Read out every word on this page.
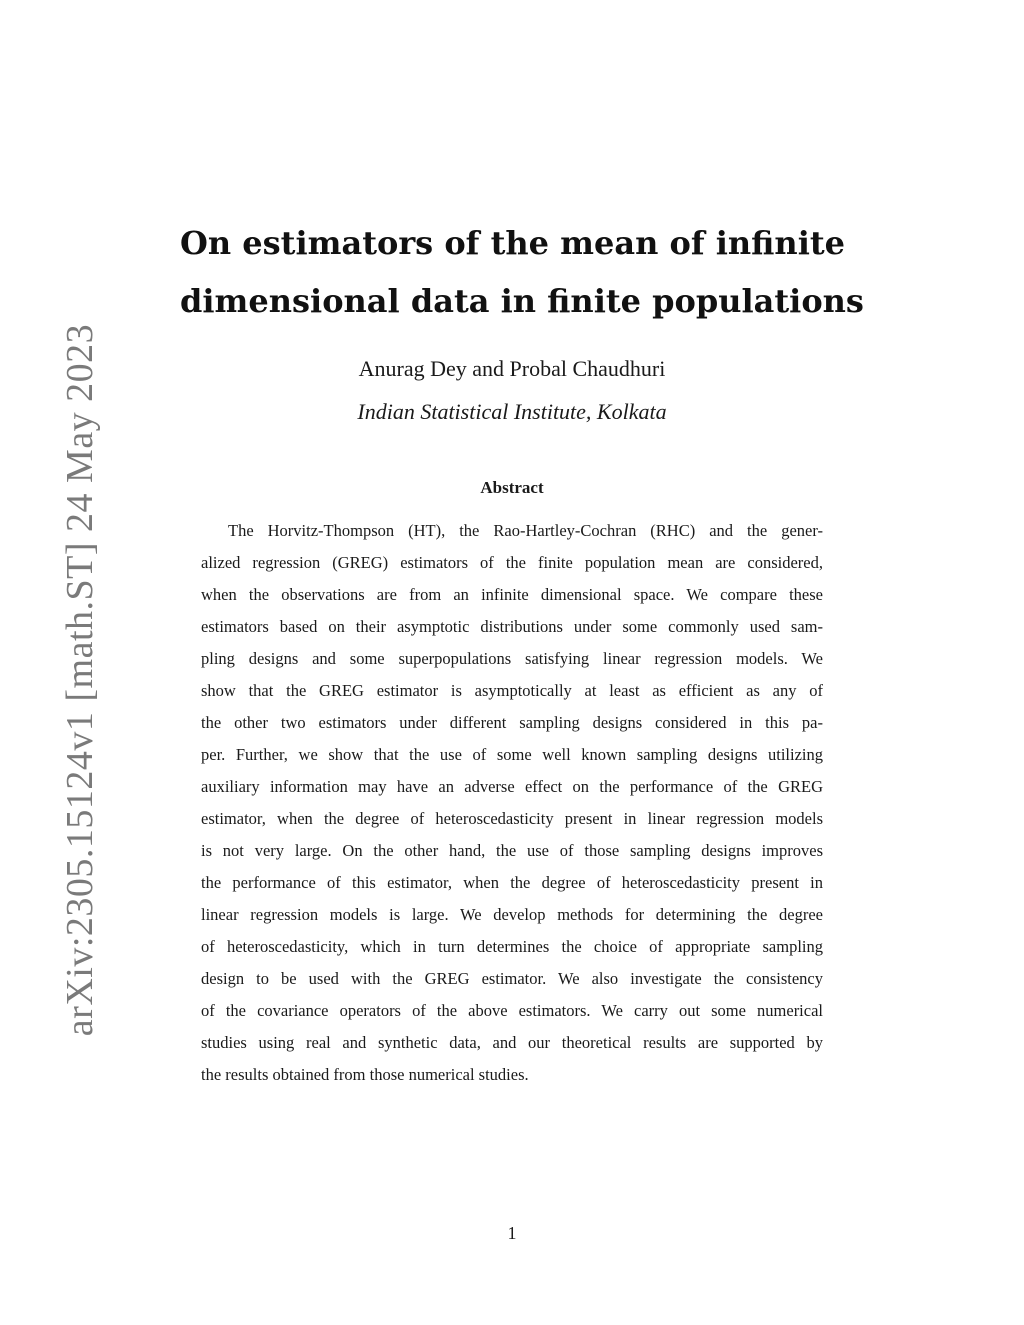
arXiv:2305.15124v1 [math.ST] 24 May 2023
On estimators of the mean of infinite
dimensional data in finite populations
Anurag Dey and Probal Chaudhuri
Indian Statistical Institute, Kolkata
Abstract

The Horvitz-Thompson (HT), the Rao-Hartley-Cochran (RHC) and the gener-
alized regression (GREG) estimators of the finite population mean are considered,
when the observations are from an infinite dimensional space. We compare these
estimators based on their asymptotic distributions under some commonly used sam-
pling designs and some superpopulations satisfying linear regression models. We
show that the GREG estimator is asymptotically at least as efficient as any of
the other two estimators under different sampling designs considered in this pa-
per. Further, we show that the use of some well known sampling designs utilizing
auxiliary information may have an adverse effect on the performance of the GREG
estimator, when the degree of heteroscedasticity present in linear regression models
is not very large. On the other hand, the use of those sampling designs improves
the performance of this estimator, when the degree of heteroscedasticity present in
linear regression models is large. We develop methods for determining the degree
of heteroscedasticity, which in turn determines the choice of appropriate sampling
design to be used with the GREG estimator. We also investigate the consistency
of the covariance operators of the above estimators. We carry out some numerical
studies using real and synthetic data, and our theoretical results are supported by
the results obtained from those numerical studies.

1
